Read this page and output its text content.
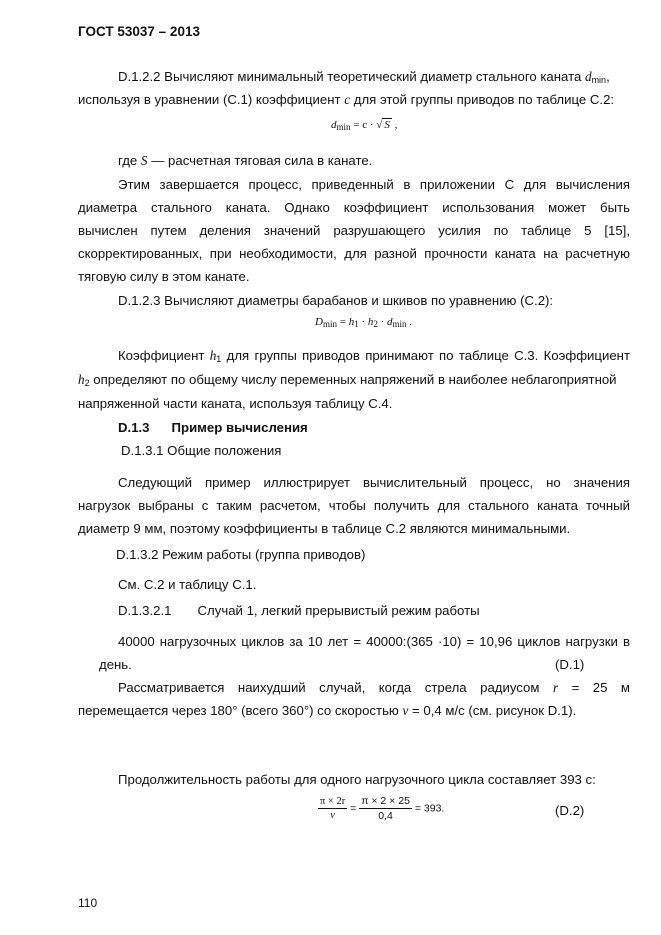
ГОСТ 53037 – 2013
D.1.2.2 Вычисляют минимальный теоретический диаметр стального каната $d_{min}$,
используя в уравнении (С.1) коэффициент c для этой группы приводов по таблице С.2:
$d_{min} = c$ · √ S ,
где S — расчетная тяговая сила в канате.
Этим завершается процесс, приведенный в приложении С для вычисления
диаметра стального каната. Однако коэффициент использования может быть
вычислен путем деления значений разрушающего усилия по таблице 5 [15],
скорректированных, при необходимости, для разной прочности каната на расчетную
тяговую силу в этом канате.
D.1.2.3 Вычисляют диаметры барабанов и шкивов по уравнению (С.2):
$D_{min} = h_1 \cdot h_2 \cdot d_{min}$ .
Коэффициент $h_1$ для группы приводов принимают по таблице С.3. Коэффициент
$h_2$ определяют по общему числу переменных напряжений в наиболее неблагоприятной
напряженной части каната, используя таблицу С.4.
D.1.3 Пример вычисления
D.1.3.1 Общие положения
Следующий пример иллюстрирует вычислительный процесс, но значения
нагрузок выбраны с таким расчетом, чтобы получить для стального каната точный
диаметр 9 мм, поэтому коэффициенты в таблице С.2 являются минимальными.
D.1.3.2 Режим работы (группа приводов)
См. С.2 и таблицу С.1.
D.1.3.2.1 Случай 1, легкий прерывистый режим работы
40000 нагрузочных циклов за 10 лет = 40000:(365 ·10) = 10,96 циклов нагрузки в
день.	(D.1)
Рассматривается наихудший случай, когда стрела радиусом r = 25 м
перемещается через 180° (всего 360°) со скоростью v = 0,4 м/с (см. рисунок D.1).
Продолжительность работы для одного нагрузочного цикла составляет 393 с:
$\frac{\pi \times 2r}{v} = \frac{\pi \times 2 \times 25}{0,4} = 393$.	(D.2)
110
